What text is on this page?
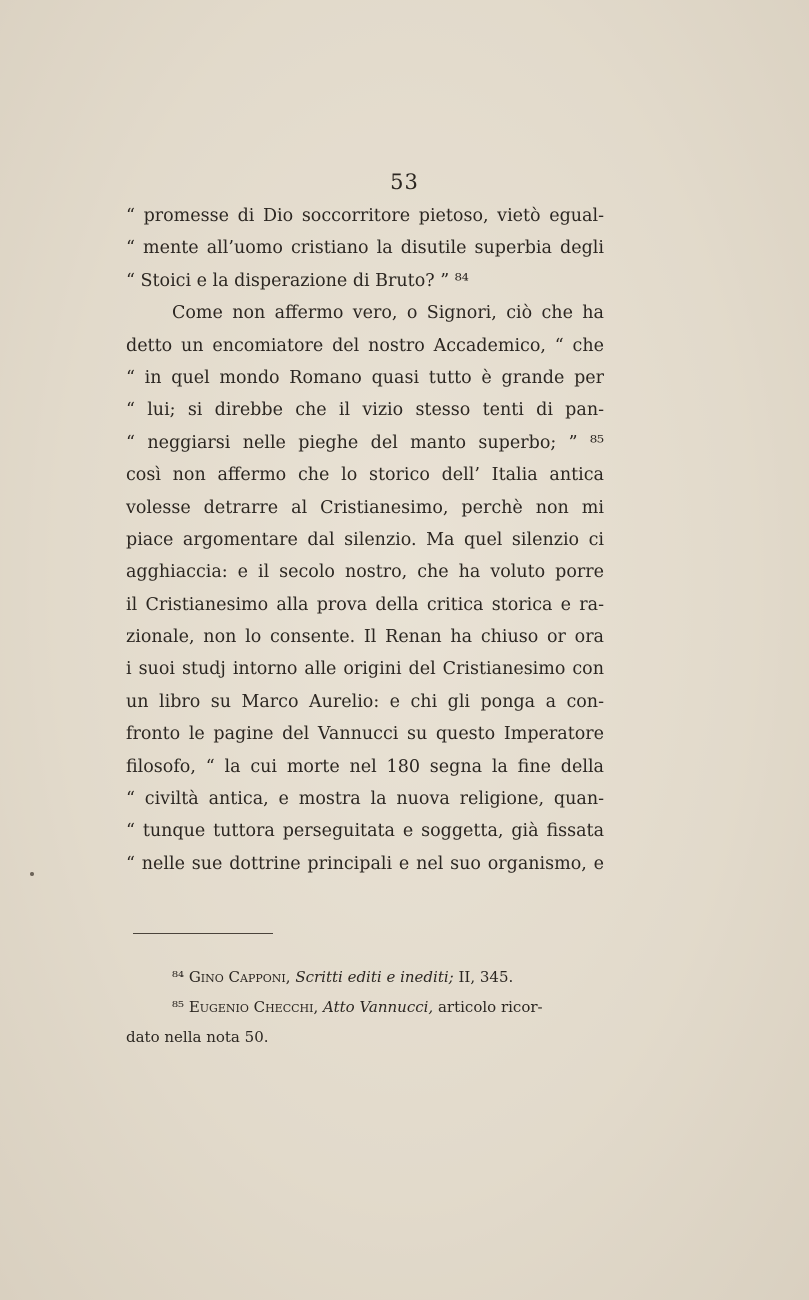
53
“ promesse di Dio soccorritore pietoso, vietò egual-
“ mente all’uomo cristiano la disutile superbia degli
“ Stoici e la disperazione di Bruto? ” ⁸⁴
Come non affermo vero, o Signori, ciò che ha
detto un encomiatore del nostro Accademico, “ che
“ in quel mondo Romano quasi tutto è grande per
“ lui; si direbbe che il vizio stesso tenti di pan-
“ neggiarsi nelle pieghe del manto superbo; ” ⁸⁵
così non affermo che lo storico dell’ Italia antica
volesse detrarre al Cristianesimo, perchè non mi
piace argomentare dal silenzio. Ma quel silenzio ci
agghiaccia: e il secolo nostro, che ha voluto porre
il Cristianesimo alla prova della critica storica e ra-
zionale, non lo consente. Il Renan ha chiuso or ora
i suoi studj intorno alle origini del Cristianesimo con
un libro su Marco Aurelio: e chi gli ponga a con-
fronto le pagine del Vannucci su questo Imperatore
filosofo, “ la cui morte nel 180 segna la fine della
“ civiltà antica, e mostra la nuova religione, quan-
“ tunque tuttora perseguitata e soggetta, già fissata
“ nelle sue dottrine principali e nel suo organismo, e
⁸⁴ Gino Capponi, Scritti editi e inediti; II, 345.
⁸⁵ Eugenio Checchi, Atto Vannucci, articolo ricor-
dato nella nota 50.
